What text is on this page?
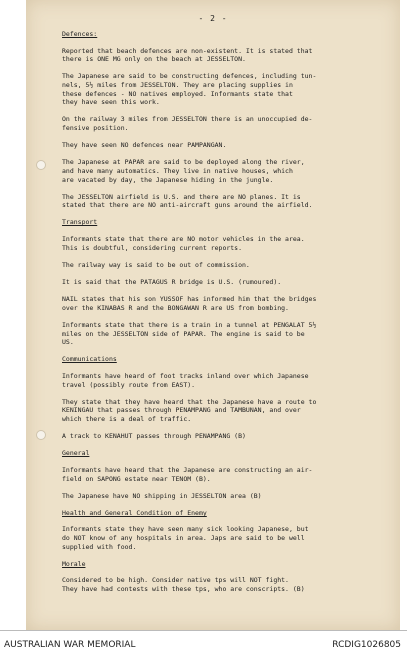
- 2 -
Defences:
Reported that beach defences are non-existent. It is stated that
there is ONE MG only on the beach at JESSELTON.
The Japanese are said to be constructing defences, including tun-
nels, 5½ miles from JESSELTON. They are placing supplies in
these defences - NO natives employed. Informants state that
they have seen this work.
On the railway 3 miles from JESSELTON there is an unoccupied de-
fensive position.
They have seen NO defences near PAMPANGAN.
The Japanese at PAPAR are said to be deployed along the river,
and have many automatics. They live in native houses, which
are vacated by day, the Japanese hiding in the jungle.
The JESSELTON airfield is U.S. and there are NO planes. It is
stated that there are NO anti-aircraft guns around the airfield.
Transport
Informants state that there are NO motor vehicles in the area.
This is doubtful, considering current reports.
The railway way is said to be out of commission.
It is said that the PATAGUS R bridge is U.S. (rumoured).
NAIL states that his son YUSSOF has informed him that the bridges
over the KINABAS R and the BONGAWAN R are US from bombing.
Informants state that there is a train in a tunnel at PENGALAT 5½
miles on the JESSELTON side of PAPAR. The engine is said to be
US.
Communications
Informants have heard of foot tracks inland over which Japanese
travel (possibly route from EAST).
They state that they have heard that the Japanese have a route to
KENINGAU that passes through PENAMPANG and TAMBUNAN, and over
which there is a deal of traffic.
A track to KENAHUT passes through PENAMPANG (B)
General
Informants have heard that the Japanese are constructing an air-
field on SAPONG estate near TENOM (B).
The Japanese have NO shipping in JESSELTON area (B)
Health and General Condition of Enemy
Informants state they have seen many sick looking Japanese, but
do NOT know of any hospitals in area. Japs are said to be well
supplied with food.
Morale
Considered to be high. Consider native tps will NOT fight.
They have had contests with these tps, who are conscripts. (B)
AUSTRALIAN WAR MEMORIAL	RCDIG1026805
